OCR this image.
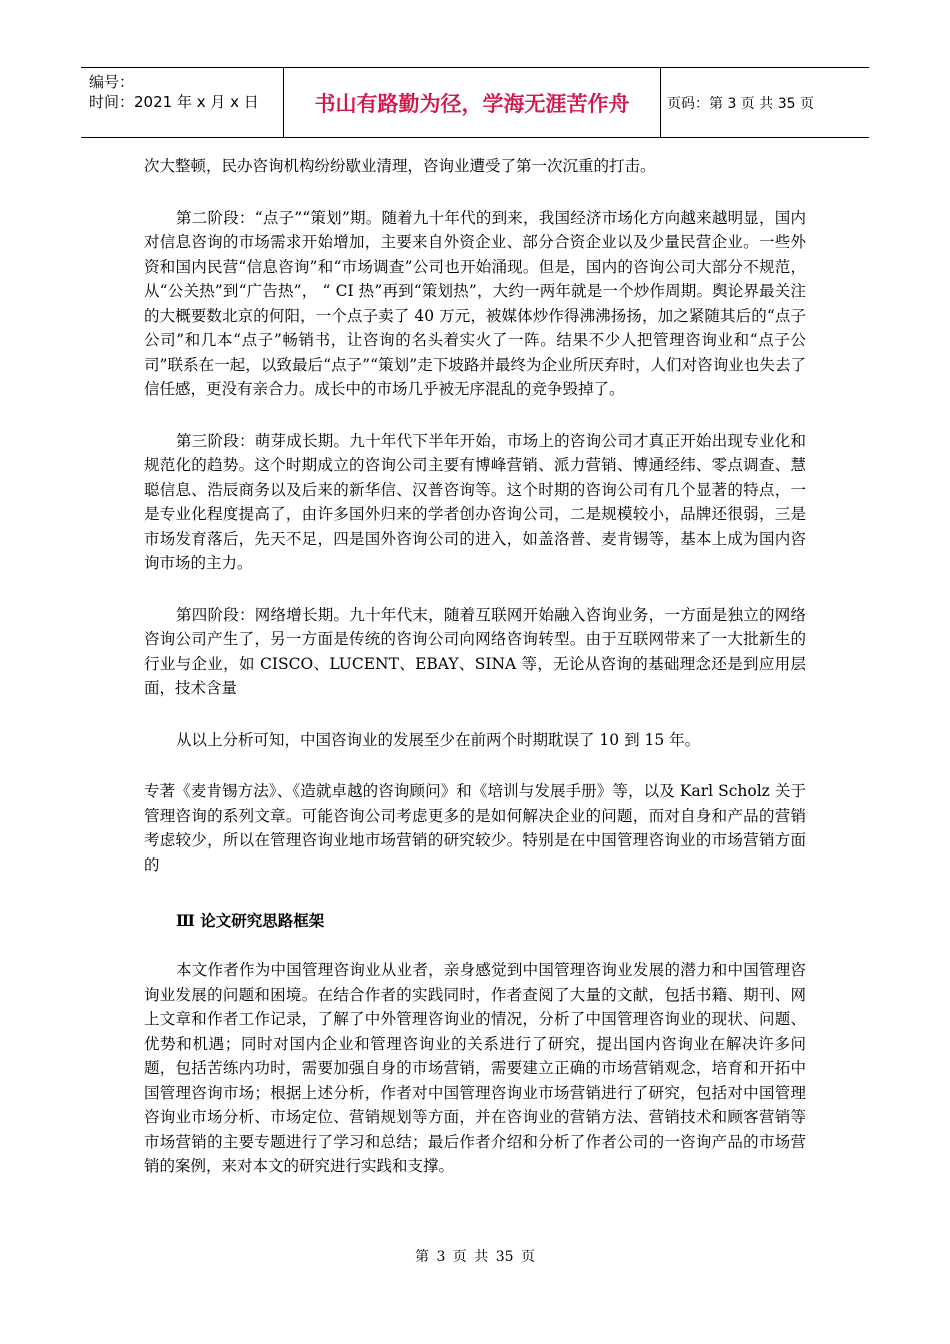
编号：
时间：2021 年 x 月 x 日	书山有路勤为径，学海无涯苦作舟	页码：第 3 页 共 35 页

次大整顿，民办咨询机构纷纷歇业清理，咨询业遭受了第一次沉重的打击。

第二阶段：“点子”“策划”期。随着九十年代的到来，我国经济市场化方向越来越明显，国内对信息咨询的市场需求开始增加，主要来自外资企业、部分合资企业以及少量民营企业。一些外资和国内民营“信息咨询”和“市场调查”公司也开始涌现。但是，国内的咨询公司大部分不规范，从“公关热”到“广告热”， “ CI 热”再到“策划热”，大约一两年就是一个炒作周期。舆论界最关注的大概要数北京的何阳，一个点子卖了 40 万元，被媒体炒作得沸沸扬扬，加之紧随其后的“点子公司”和几本“点子”畅销书，让咨询的名头着实火了一阵。结果不少人把管理咨询业和“点子公司”联系在一起，以致最后“点子”“策划”走下坡路并最终为企业所厌弃时，人们对咨询业也失去了信任感，更没有亲合力。成长中的市场几乎被无序混乱的竞争毁掉了。

第三阶段：萌芽成长期。九十年代下半年开始，市场上的咨询公司才真正开始出现专业化和规范化的趋势。这个时期成立的咨询公司主要有博峰营销、派力营销、博通经纬、零点调查、慧聪信息、浩辰商务以及后来的新华信、汉普咨询等。这个时期的咨询公司有几个显著的特点，一是专业化程度提高了，由许多国外归来的学者创办咨询公司，二是规模较小，品牌还很弱，三是市场发育落后，先天不足，四是国外咨询公司的进入，如盖洛普、麦肯锡等，基本上成为国内咨询市场的主力。

第四阶段：网络增长期。九十年代末，随着互联网开始融入咨询业务，一方面是独立的网络咨询公司产生了，另一方面是传统的咨询公司向网络咨询转型。由于互联网带来了一大批新生的行业与企业，如 CISCO、LUCENT、EBAY、SINA 等，无论从咨询的基础理念还是到应用层面，技术含量

从以上分析可知，中国咨询业的发展至少在前两个时期耽误了 10 到 15 年。

专著《麦肯锡方法》、《造就卓越的咨询顾问》和《培训与发展手册》等，以及 Karl Scholz 关于管理咨询的系列文章。可能咨询公司考虑更多的是如何解决企业的问题，而对自身和产品的营销考虑较少，所以在管理咨询业地市场营销的研究较少。特别是在中国管理咨询业的市场营销方面的

Ⅲ 论文研究思路框架

本文作者作为中国管理咨询业从业者，亲身感觉到中国管理咨询业发展的潜力和中国管理咨询业发展的问题和困境。在结合作者的实践同时，作者查阅了大量的文献，包括书籍、期刊、网上文章和作者工作记录，了解了中外管理咨询业的情况，分析了中国管理咨询业的现状、问题、优势和机遇；同时对国内企业和管理咨询业的关系进行了研究，提出国内咨询业在解决许多问题，包括苦练内功时，需要加强自身的市场营销，需要建立正确的市场营销观念，培育和开拓中国管理咨询市场；根据上述分析，作者对中国管理咨询业市场营销进行了研究，包括对中国管理咨询业市场分析、市场定位、营销规划等方面，并在咨询业的营销方法、营销技术和顾客营销等市场营销的主要专题进行了学习和总结；最后作者介绍和分析了作者公司的一咨询产品的市场营销的案例，来对本文的研究进行实践和支撑。

第 3 页 共 35 页
